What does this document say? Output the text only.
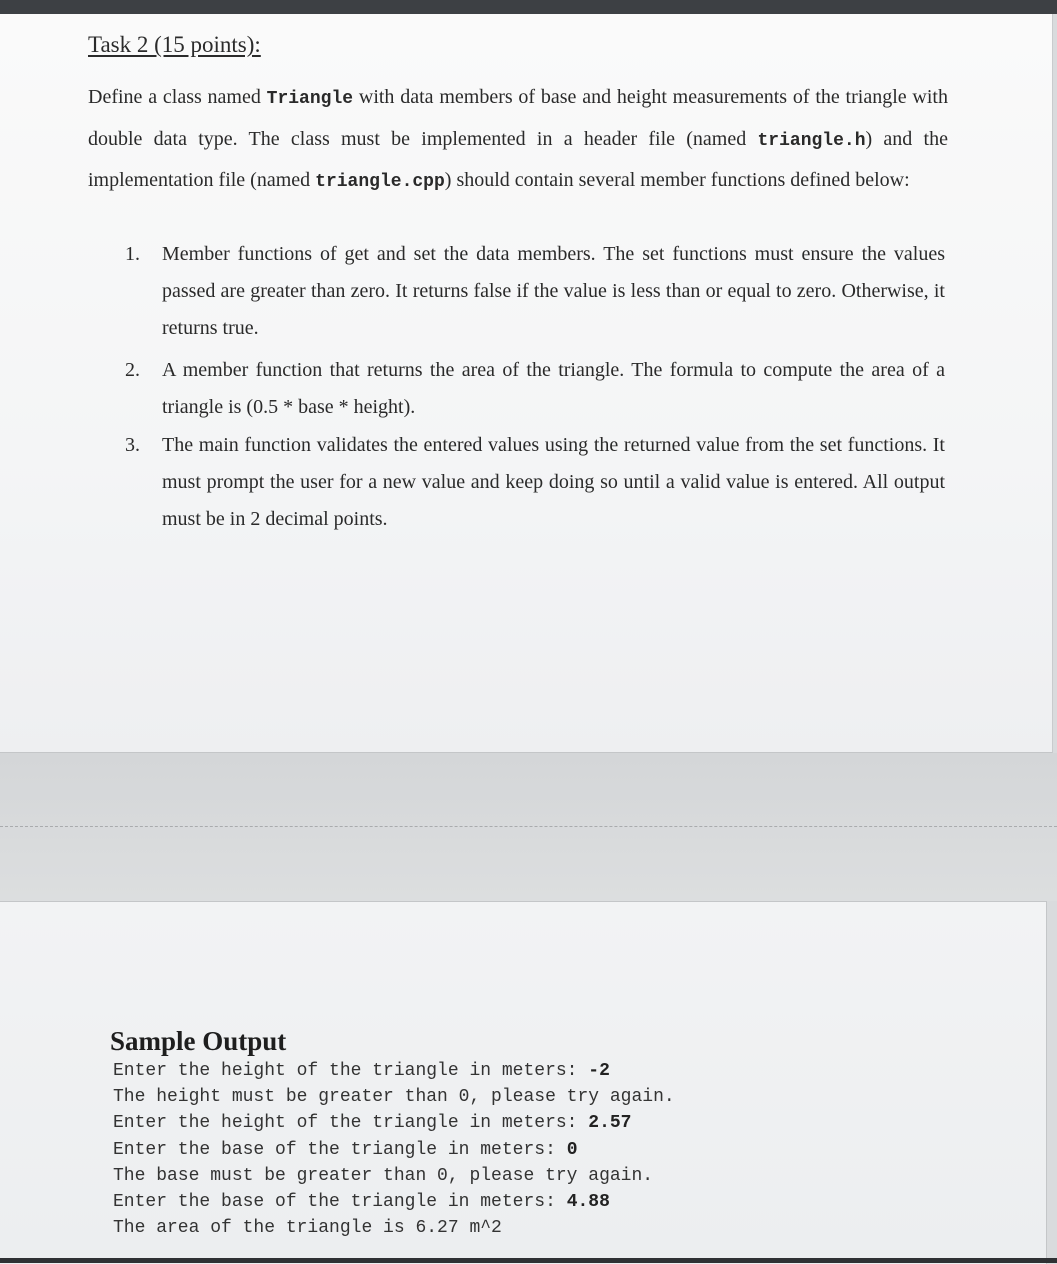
Task 2 (15 points):
Define a class named Triangle with data members of base and height measurements of the triangle with double data type. The class must be implemented in a header file (named triangle.h) and the implementation file (named triangle.cpp) should contain several member functions defined below:
1.	Member functions of get and set the data members. The set functions must ensure the values passed are greater than zero. It returns false if the value is less than or equal to zero. Otherwise, it returns true.
2.	A member function that returns the area of the triangle. The formula to compute the area of a triangle is (0.5 * base * height).
3.	The main function validates the entered values using the returned value from the set functions. It must prompt the user for a new value and keep doing so until a valid value is entered. All output must be in 2 decimal points.
Sample Output
Enter the height of the triangle in meters: -2
The height must be greater than 0, please try again.
Enter the height of the triangle in meters: 2.57
Enter the base of the triangle in meters: 0
The base must be greater than 0, please try again.
Enter the base of the triangle in meters: 4.88
The area of the triangle is 6.27 m^2
